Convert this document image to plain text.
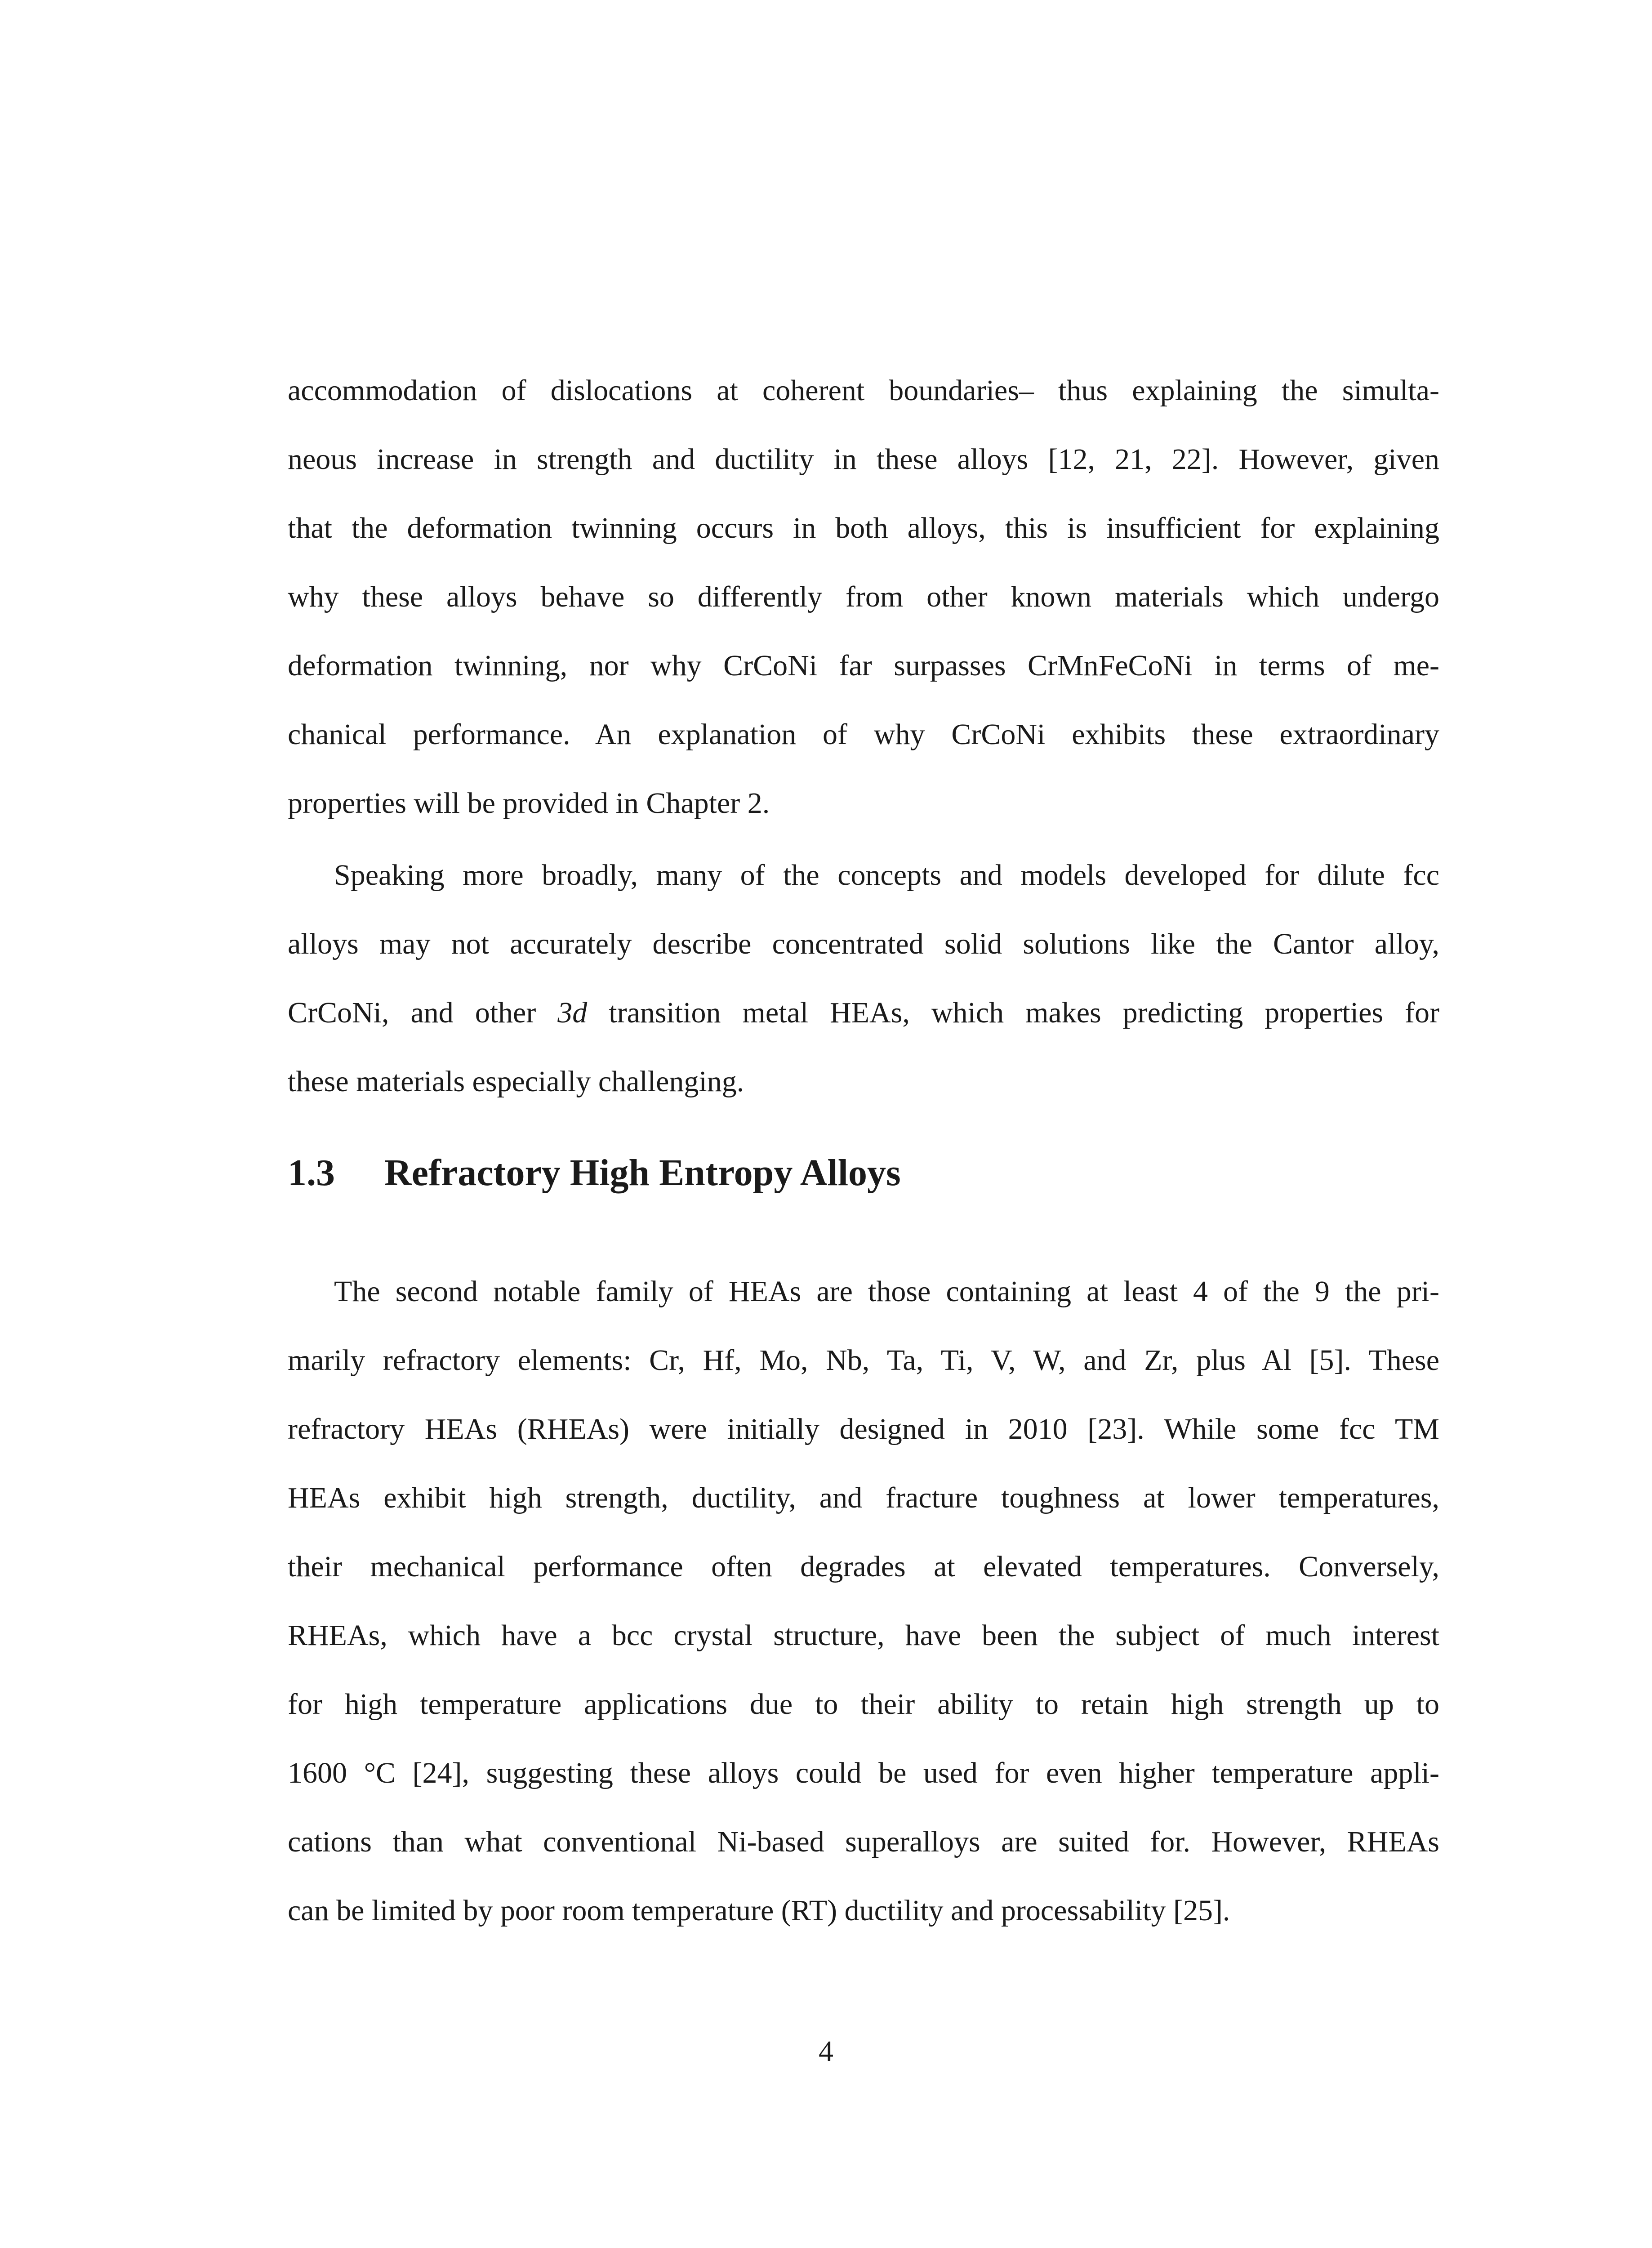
accommodation of dislocations at coherent boundaries– thus explaining the simulta-
neous increase in strength and ductility in these alloys [12, 21, 22]. However, given
that the deformation twinning occurs in both alloys, this is insufficient for explaining
why these alloys behave so differently from other known materials which undergo
deformation twinning, nor why CrCoNi far surpasses CrMnFeCoNi in terms of me-
chanical performance. An explanation of why CrCoNi exhibits these extraordinary
properties will be provided in Chapter 2.
Speaking more broadly, many of the concepts and models developed for dilute fcc
alloys may not accurately describe concentrated solid solutions like the Cantor alloy,
CrCoNi, and other 3d transition metal HEAs, which makes predicting properties for
these materials especially challenging.
1.3 Refractory High Entropy Alloys
The second notable family of HEAs are those containing at least 4 of the 9 the pri-
marily refractory elements: Cr, Hf, Mo, Nb, Ta, Ti, V, W, and Zr, plus Al [5]. These
refractory HEAs (RHEAs) were initially designed in 2010 [23]. While some fcc TM
HEAs exhibit high strength, ductility, and fracture toughness at lower temperatures,
their mechanical performance often degrades at elevated temperatures. Conversely,
RHEAs, which have a bcc crystal structure, have been the subject of much interest
for high temperature applications due to their ability to retain high strength up to
1600 °C [24], suggesting these alloys could be used for even higher temperature appli-
cations than what conventional Ni-based superalloys are suited for. However, RHEAs
can be limited by poor room temperature (RT) ductility and processability [25].
4
